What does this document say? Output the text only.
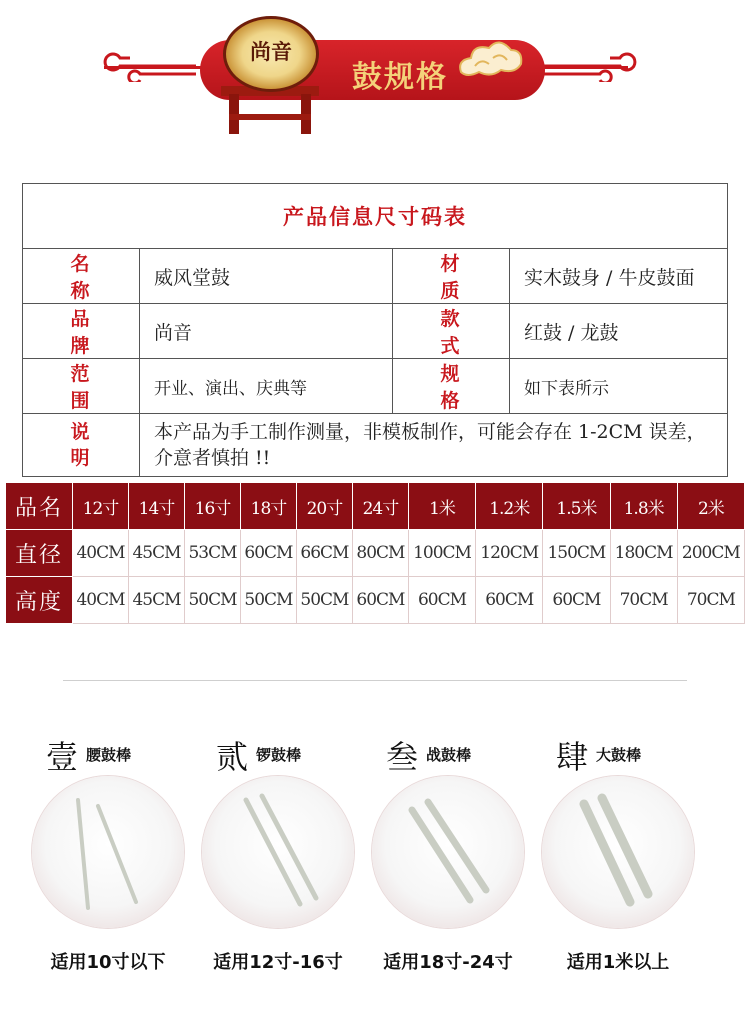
尚音
鼓规格
产品信息尺寸码表			
名称	威风堂鼓	材质	实木鼓身 / 牛皮鼓面
品牌	尚音	款式	红鼓 / 龙鼓
范围	开业、演出、庆典等	规格	如下表所示
说明	本产品为手工制作测量，非模板制作，可能会存在 1-2CM 误差，介意者慎拍 !!		
品名	12寸	14寸	16寸	18寸	20寸	24寸	1米	1.2米	1.5米	1.8米	2米
直径	40CM	45CM	53CM	60CM	66CM	80CM	100CM	120CM	150CM	180CM	200CM
高度	40CM	45CM	50CM	50CM	50CM	60CM	60CM	60CM	60CM	70CM	70CM
壹 腰鼓棒
适用10寸以下
贰 锣鼓棒
适用12寸-16寸
叁 战鼓棒
适用18寸-24寸
肆 大鼓棒
适用1米以上
